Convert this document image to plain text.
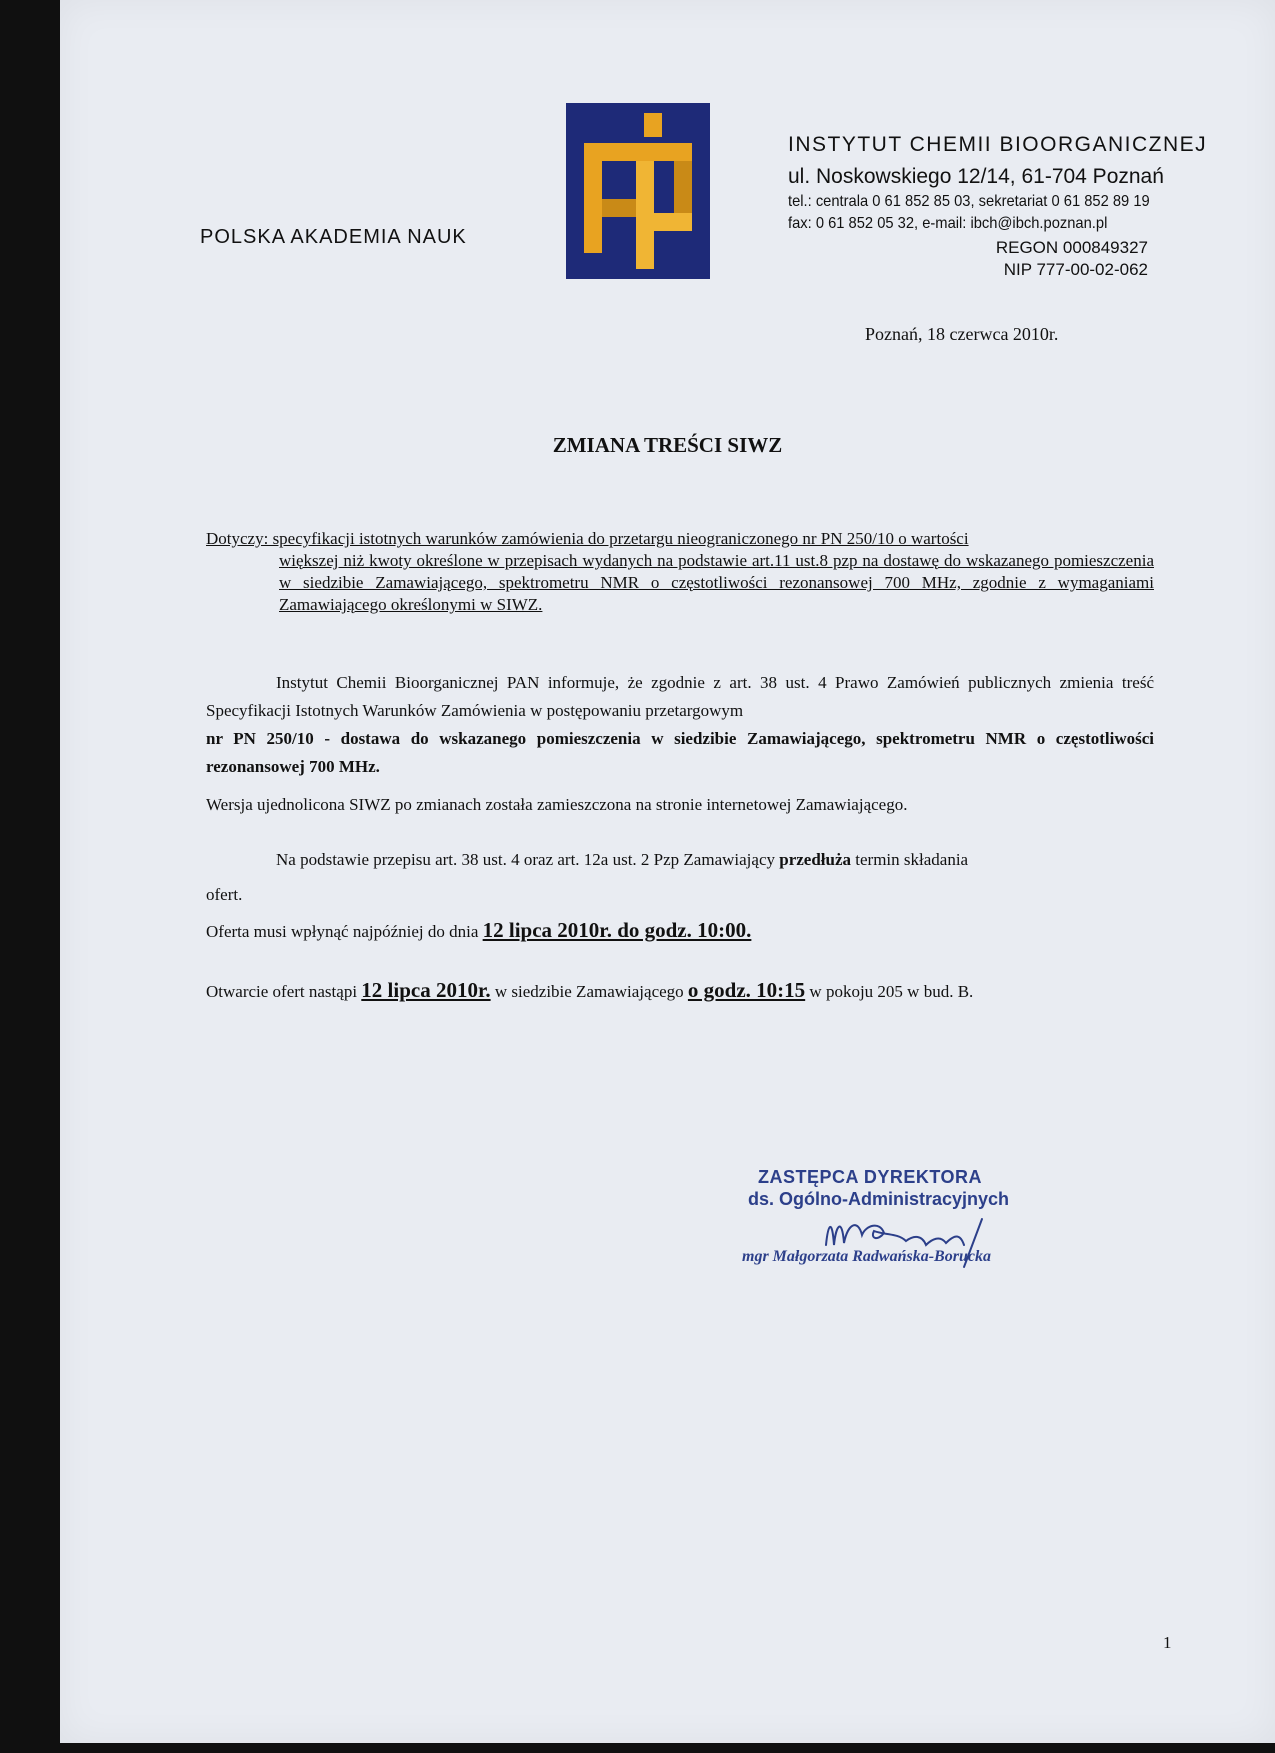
POLSKA AKADEMIA NAUK
INSTYTUT CHEMII BIOORGANICZNEJ
ul. Noskowskiego 12/14, 61-704 Poznań
tel.: centrala 0 61 852 85 03, sekretariat 0 61 852 89 19
fax: 0 61 852 05 32, e-mail: ibch@ibch.poznan.pl
REGON 000849327
NIP 777-00-02-062
Poznań, 18 czerwca 2010r.
ZMIANA TREŚCI SIWZ
Dotyczy: specyfikacji istotnych warunków zamówienia do przetargu nieograniczonego nr PN 250/10 o wartości
większej niż kwoty określone w przepisach wydanych na podstawie art.11 ust.8 pzp na dostawę do wskazanego pomieszczenia w siedzibie Zamawiającego, spektrometru NMR o częstotliwości rezonansowej 700 MHz, zgodnie z wymaganiami Zamawiającego określonymi w SIWZ.
Instytut Chemii Bioorganicznej PAN informuje, że zgodnie z art. 38 ust. 4 Prawo Zamówień publicznych zmienia treść Specyfikacji Istotnych Warunków Zamówienia w postępowaniu przetargowym
nr PN 250/10 - dostawa do wskazanego pomieszczenia w siedzibie Zamawiającego, spektrometru NMR o częstotliwości rezonansowej 700 MHz.
Wersja ujednolicona SIWZ po zmianach została zamieszczona na stronie internetowej Zamawiającego.
Na podstawie przepisu art. 38 ust. 4 oraz art. 12a ust. 2 Pzp Zamawiający przedłuża termin składania
ofert.
Oferta musi wpłynąć najpóźniej do dnia 12 lipca 2010r. do godz. 10:00.
Otwarcie ofert nastąpi 12 lipca 2010r. w siedzibie Zamawiającego o godz. 10:15 w pokoju 205 w bud. B.
ZASTĘPCA DYREKTORA
ds. Ogólno-Administracyjnych
mgr Małgorzata Radwańska-Borucka
1
